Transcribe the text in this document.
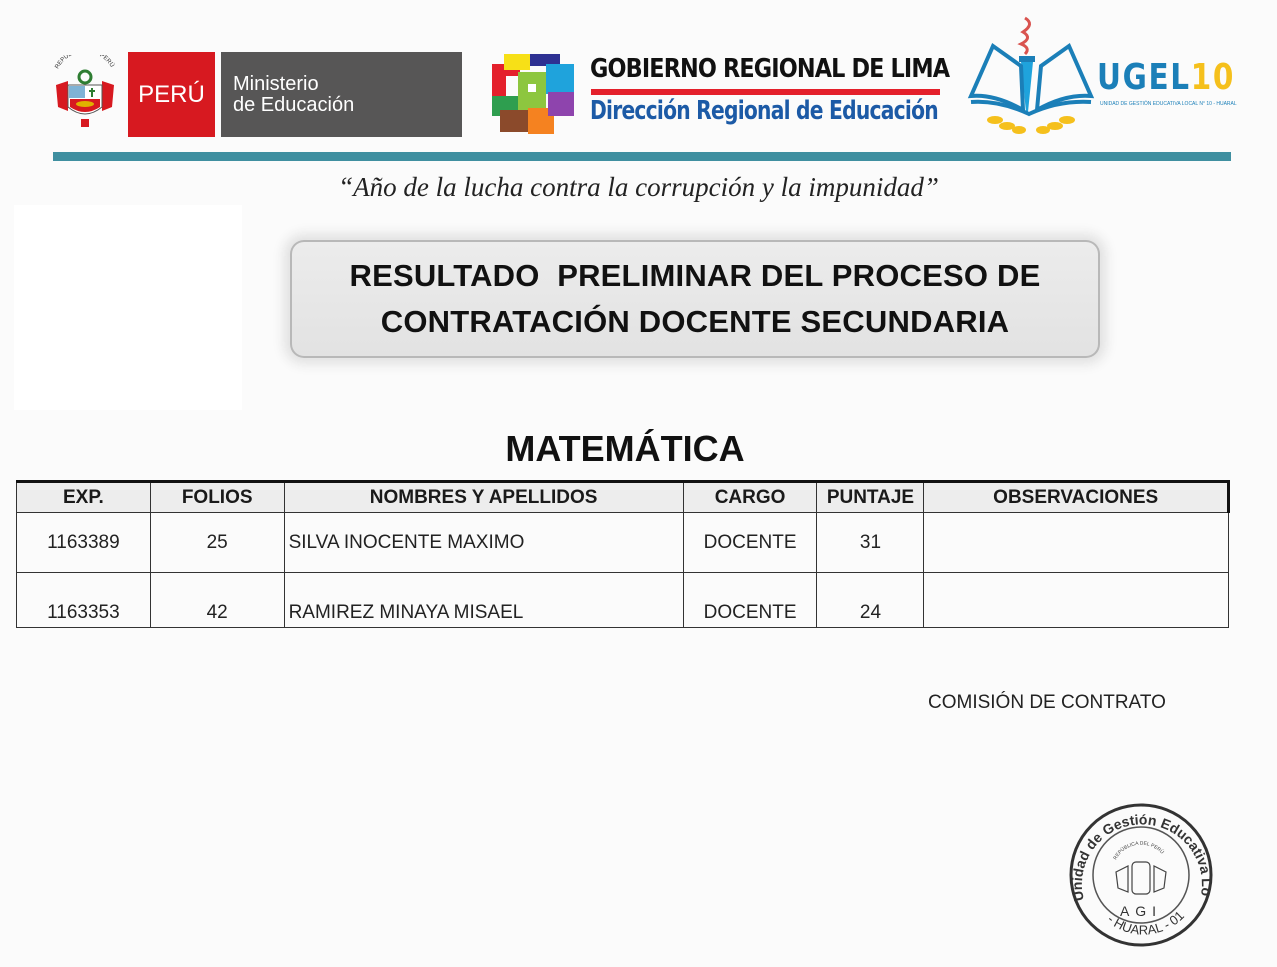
REPÚ PERÚ
PERÚ	Ministerio
de Educación
GOBIERNO REGIONAL DE LIMA
Dirección Regional de Educación
UGEL10
UNIDAD DE GESTIÓN EDUCATIVA LOCAL N° 10 - HUARAL
“Año de la lucha contra la corrupción y la impunidad”
RESULTADO  PRELIMINAR DEL PROCESO DE
CONTRATACIÓN DOCENTE SECUNDARIA
MATEMÁTICA
EXP.	FOLIOS	NOMBRES Y APELLIDOS	CARGO	PUNTAJE	OBSERVACIONES
1163389	25	SILVA INOCENTE MAXIMO	DOCENTE	31	
1163353	42	RAMIREZ MINAYA MISAEL	DOCENTE	24	
COMISIÓN DE CONTRATO
Unidad de Gestión Educativa Lo
- HUARAL - 01
REPÚBLICA DEL PERÚ
AGI
